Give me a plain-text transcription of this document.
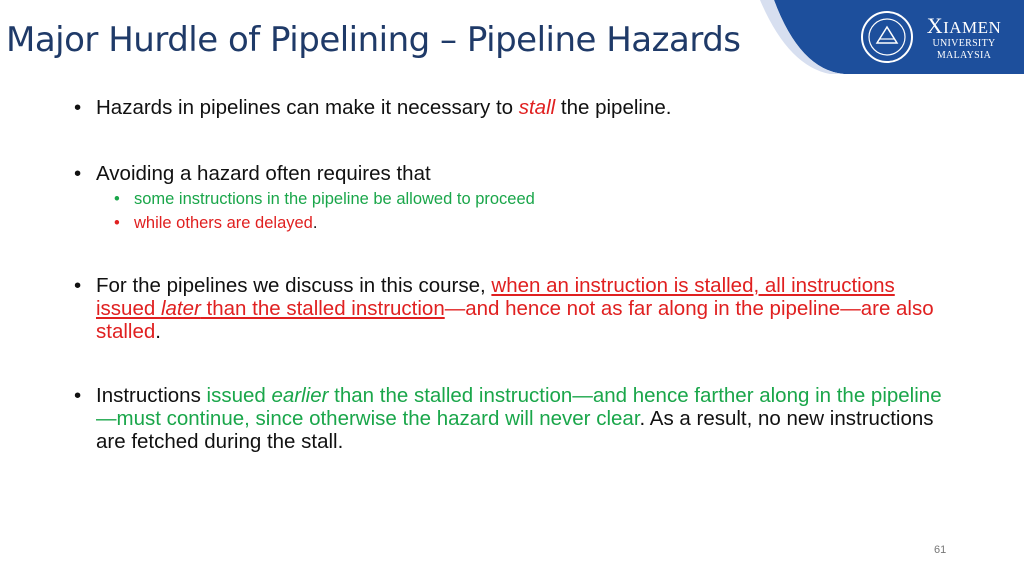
XIAMEN
UNIVERSITY
MALAYSIA
Major Hurdle of Pipelining – Pipeline Hazards
• Hazards in pipelines can make it necessary to stall the pipeline.
• Avoiding a hazard often requires that
• some instructions in the pipeline be allowed to proceed
• while others are delayed.
• For the pipelines we discuss in this course, when an instruction is stalled, all instructions issued later than the stalled instruction—and hence not as far along in the pipeline—are also stalled.
• Instructions issued earlier than the stalled instruction—and hence farther along in the pipeline—must continue, since otherwise the hazard will never clear. As a result, no new instructions are fetched during the stall.
61
